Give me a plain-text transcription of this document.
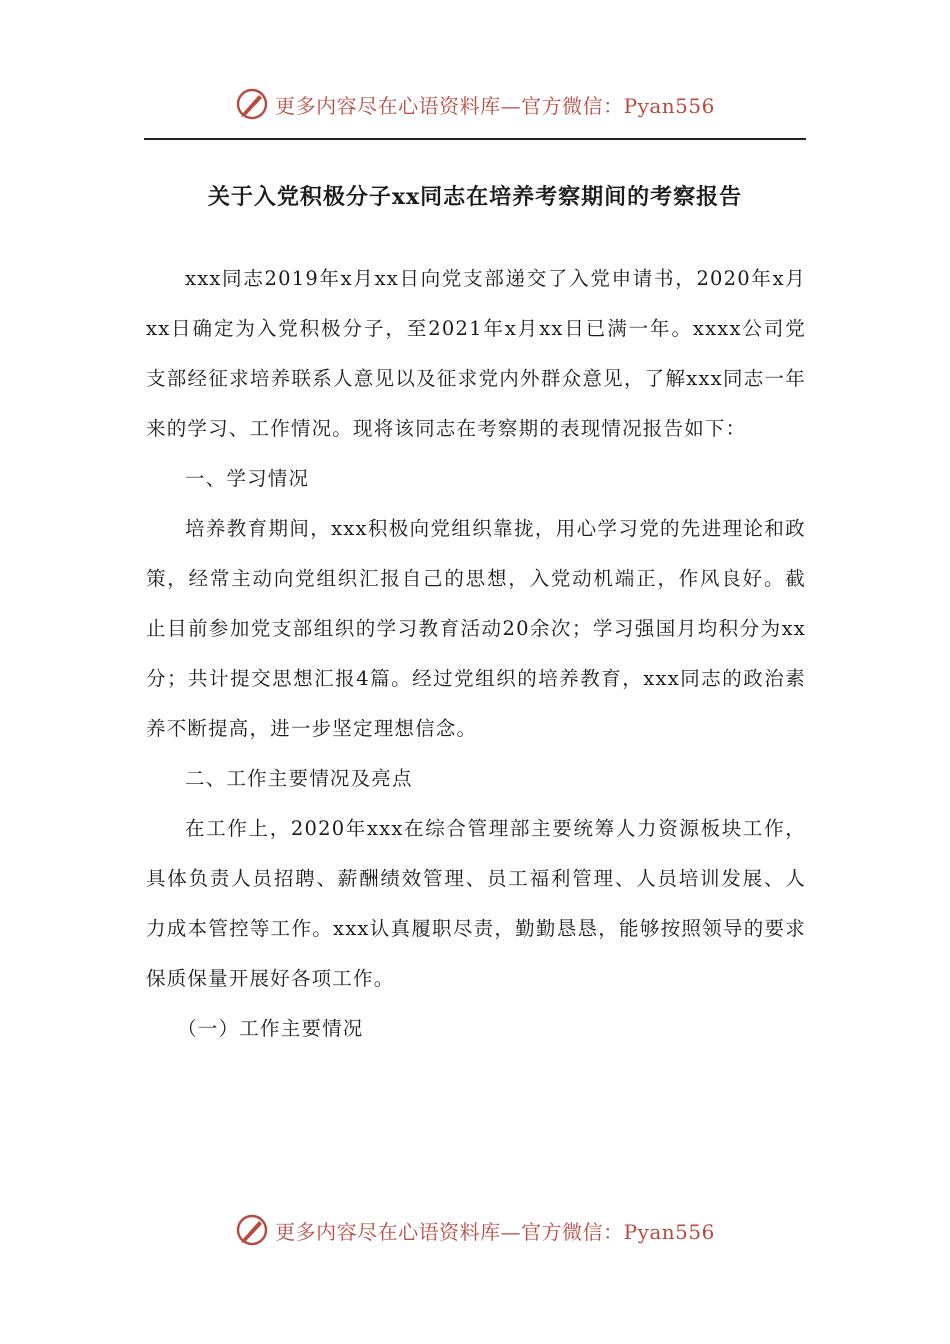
更多内容尽在心语资料库—官方微信：Pyan556
关于入党积极分子xx同志在培养考察期间的考察报告

xxx同志2019年x月xx日向党支部递交了入党申请书，2020年x月xx日确定为入党积极分子，至2021年x月xx日已满一年。xxxx公司党支部经征求培养联系人意见以及征求党内外群众意见，了解xxx同志一年来的学习、工作情况。现将该同志在考察期的表现情况报告如下：

一、学习情况

培养教育期间，xxx积极向党组织靠拢，用心学习党的先进理论和政策，经常主动向党组织汇报自己的思想，入党动机端正，作风良好。截止目前参加党支部组织的学习教育活动20余次；学习强国月均积分为xx分；共计提交思想汇报4篇。经过党组织的培养教育，xxx同志的政治素养不断提高，进一步坚定理想信念。

二、工作主要情况及亮点

在工作上，2020年xxx在综合管理部主要统筹人力资源板块工作，具体负责人员招聘、薪酬绩效管理、员工福利管理、人员培训发展、人力成本管控等工作。xxx认真履职尽责，勤勤恳恳，能够按照领导的要求保质保量开展好各项工作。

（一）工作主要情况

更多内容尽在心语资料库—官方微信：Pyan556
